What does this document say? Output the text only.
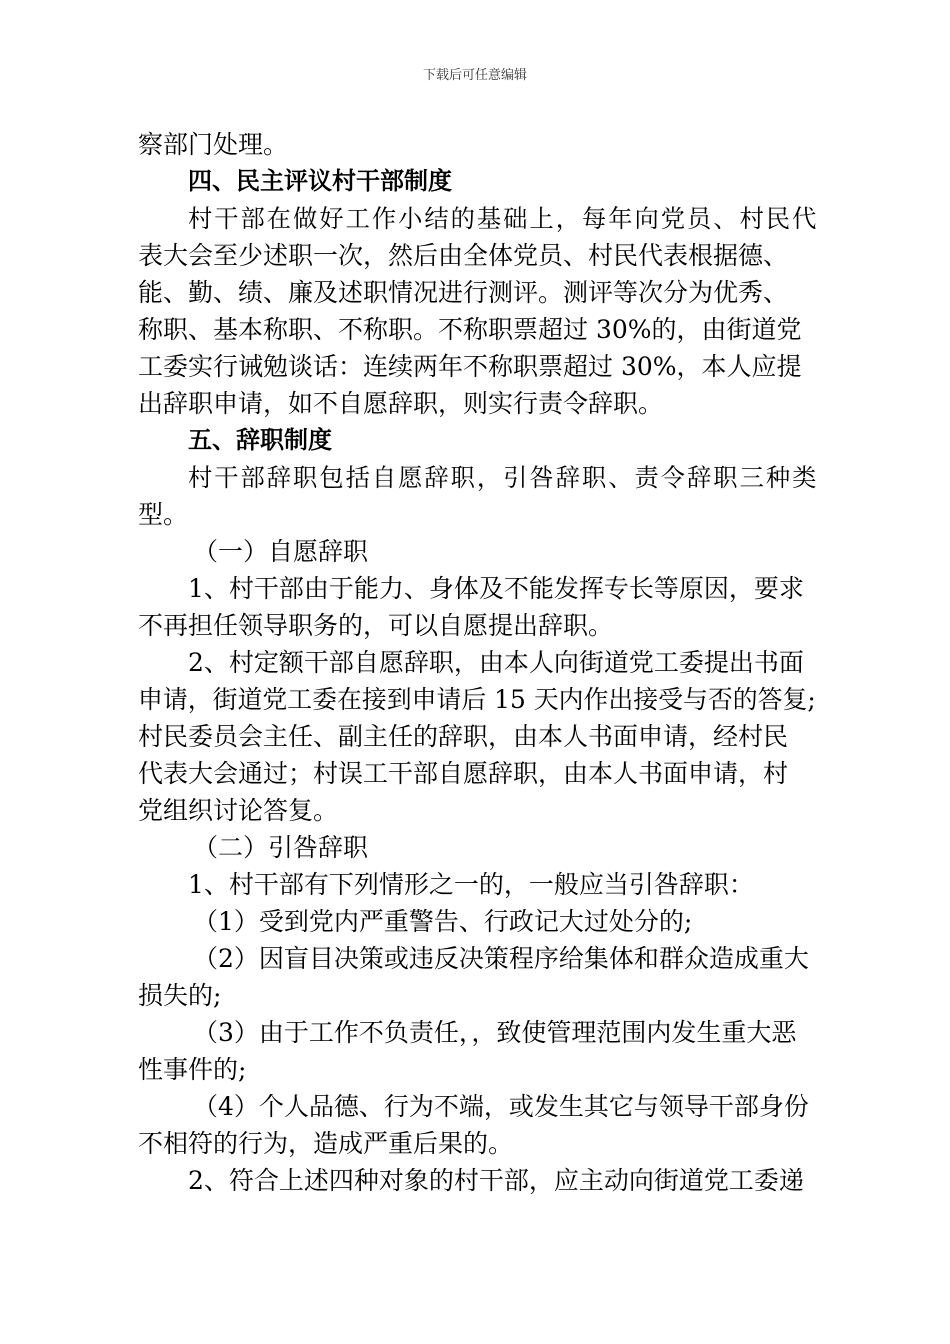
下载后可任意编辑
察部门处理。
四、民主评议村干部制度
村干部在做好工作小结的基础上，每年向党员、村民代
表大会至少述职一次，然后由全体党员、村民代表根据德、
能、勤、绩、廉及述职情况进行测评。测评等次分为优秀、
称职、基本称职、不称职。不称职票超过 30%的，由街道党
工委实行诫勉谈话：连续两年不称职票超过 30%，本人应提
出辞职申请，如不自愿辞职，则实行责令辞职。
五、辞职制度
村干部辞职包括自愿辞职，引咎辞职、责令辞职三种类
型。
（一）自愿辞职
1、村干部由于能力、身体及不能发挥专长等原因，要求
不再担任领导职务的，可以自愿提出辞职。
2、村定额干部自愿辞职，由本人向街道党工委提出书面
申请，街道党工委在接到申请后 15 天内作出接受与否的答复;
村民委员会主任、副主任的辞职，由本人书面申请，经村民
代表大会通过；村误工干部自愿辞职，由本人书面申请，村
党组织讨论答复。
（二）引咎辞职
1、村干部有下列情形之一的，一般应当引咎辞职：
（1）受到党内严重警告、行政记大过处分的;
（2）因盲目决策或违反决策程序给集体和群众造成重大
损失的;
（3）由于工作不负责任，，致使管理范围内发生重大恶
性事件的;
（4）个人品德、行为不端，或发生其它与领导干部身份
不相符的行为，造成严重后果的。
2、符合上述四种对象的村干部，应主动向街道党工委递
